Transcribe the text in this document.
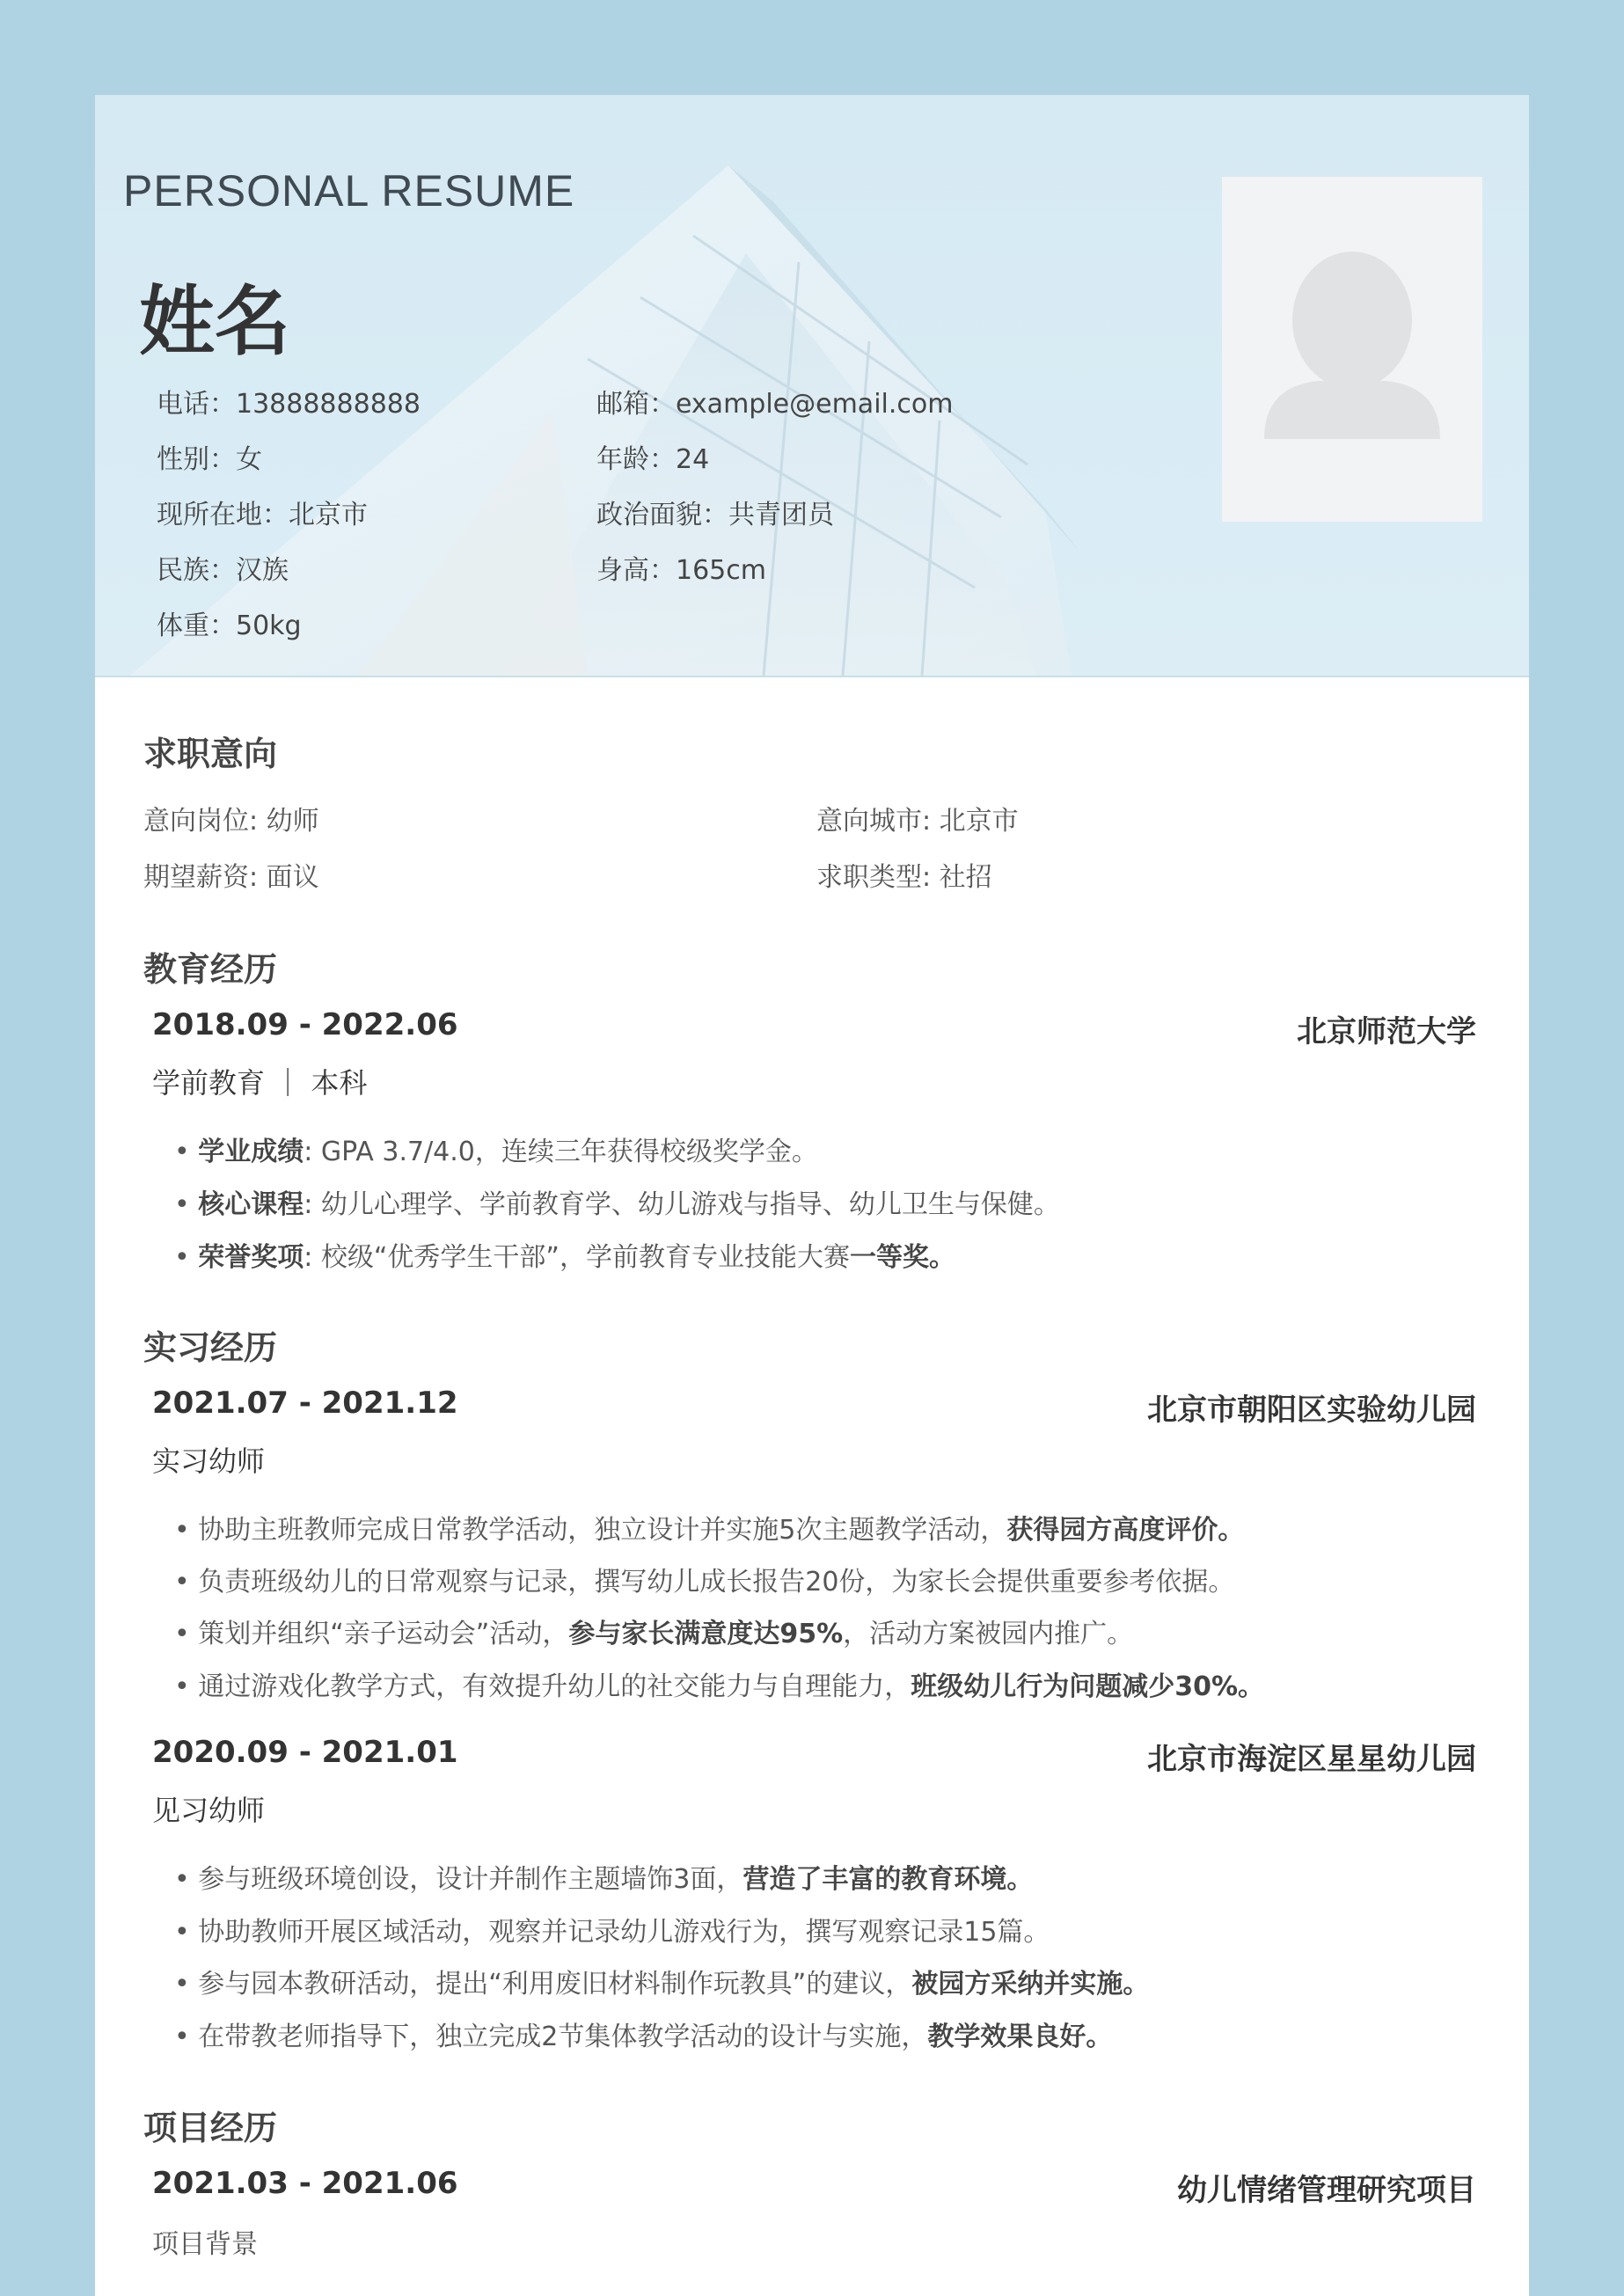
PERSONAL RESUME
姓名
电话：13888888888	邮箱：example@email.com
性别：女	年龄：24
现所在地：北京市	政治面貌：共青团员
民族：汉族	身高：165cm
体重：50kg
求职意向
意向岗位: 幼师	意向城市: 北京市
期望薪资: 面议	求职类型: 社招
教育经历
2018.09 - 2022.06	北京师范大学
学前教育 ｜ 本科
• 学业成绩: GPA 3.7/4.0，连续三年获得校级奖学金。
• 核心课程: 幼儿心理学、学前教育学、幼儿游戏与指导、幼儿卫生与保健。
• 荣誉奖项: 校级“优秀学生干部”，学前教育专业技能大赛一等奖。
实习经历
2021.07 - 2021.12	北京市朝阳区实验幼儿园
实习幼师
• 协助主班教师完成日常教学活动，独立设计并实施5次主题教学活动，获得园方高度评价。
• 负责班级幼儿的日常观察与记录，撰写幼儿成长报告20份，为家长会提供重要参考依据。
• 策划并组织“亲子运动会”活动，参与家长满意度达95%，活动方案被园内推广。
• 通过游戏化教学方式，有效提升幼儿的社交能力与自理能力，班级幼儿行为问题减少30%。
2020.09 - 2021.01	北京市海淀区星星幼儿园
见习幼师
• 参与班级环境创设，设计并制作主题墙饰3面，营造了丰富的教育环境。
• 协助教师开展区域活动，观察并记录幼儿游戏行为，撰写观察记录15篇。
• 参与园本教研活动，提出“利用废旧材料制作玩教具”的建议，被园方采纳并实施。
• 在带教老师指导下，独立完成2节集体教学活动的设计与实施，教学效果良好。
项目经历
2021.03 - 2021.06	幼儿情绪管理研究项目
项目背景
